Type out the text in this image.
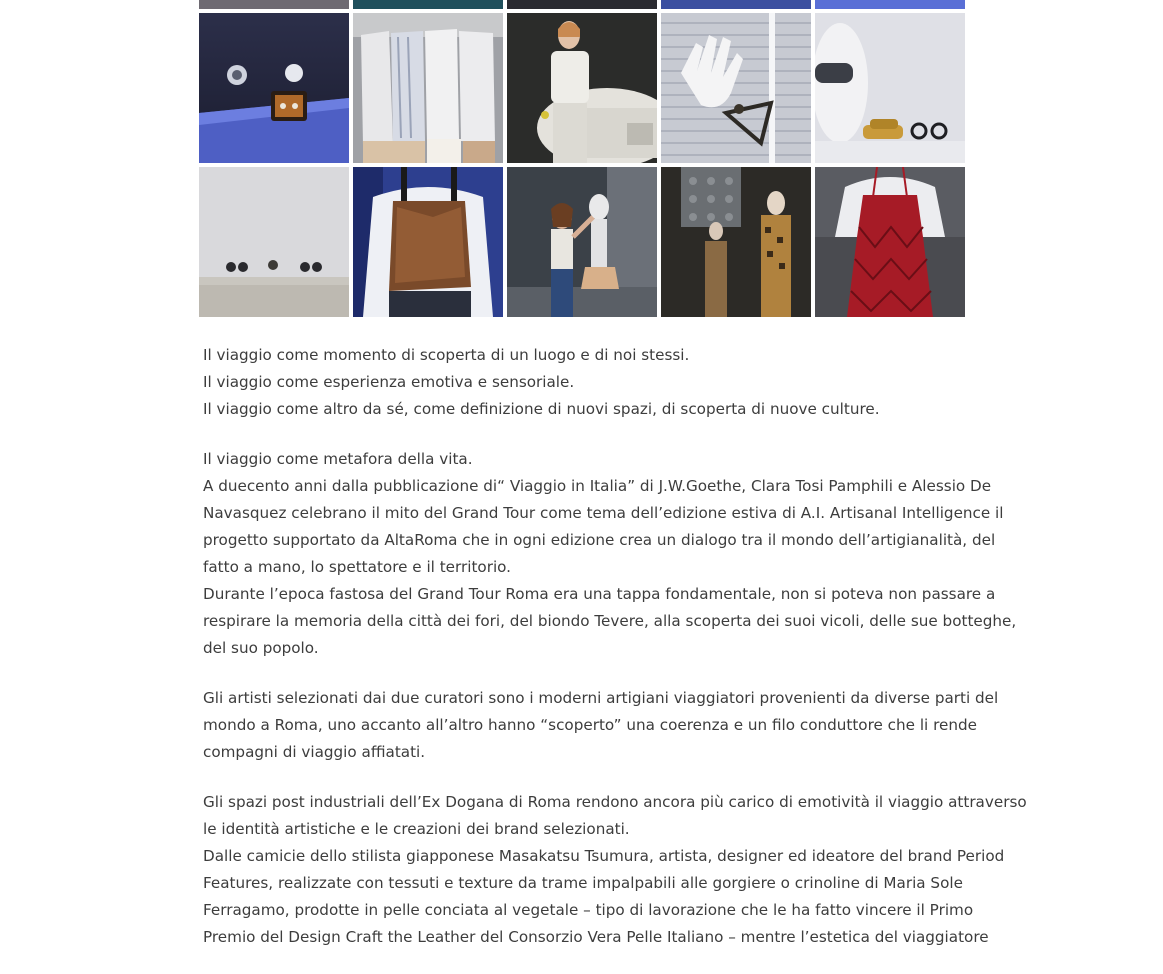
Il viaggio come momento di scoperta di un luogo e di noi stessi.
Il viaggio come esperienza emotiva e sensoriale.
Il viaggio come altro da sé, come definizione di nuovi spazi, di scoperta di nuove culture.

Il viaggio come metafora della vita.
A duecento anni dalla pubblicazione di“ Viaggio in Italia” di J.W.Goethe, Clara Tosi Pamphili e Alessio De
Navasquez celebrano il mito del Grand Tour come tema dell’edizione estiva di A.I. Artisanal Intelligence il
progetto supportato da AltaRoma che in ogni edizione crea un dialogo tra il mondo dell’artigianalità, del
fatto a mano, lo spettatore e il territorio.
Durante l’epoca fastosa del Grand Tour Roma era una tappa fondamentale, non si poteva non passare a
respirare la memoria della città dei fori, del biondo Tevere, alla scoperta dei suoi vicoli, delle sue botteghe,
del suo popolo.

Gli artisti selezionati dai due curatori sono i moderni artigiani viaggiatori provenienti da diverse parti del
mondo a Roma, uno accanto all’altro hanno “scoperto” una coerenza e un filo conduttore che li rende
compagni di viaggio affiatati.

Gli spazi post industriali dell’Ex Dogana di Roma rendono ancora più carico di emotività il viaggio attraverso
le identità artistiche e le creazioni dei brand selezionati.
Dalle camicie dello stilista giapponese Masakatsu Tsumura, artista, designer ed ideatore del brand Period
Features, realizzate con tessuti e texture da trame impalpabili alle gorgiere o crinoline di Maria Sole
Ferragamo, prodotte in pelle conciata al vegetale – tipo di lavorazione che le ha fatto vincere il Primo
Premio del Design Craft the Leather del Consorzio Vera Pelle Italiano – mentre l’estetica del viaggiatore
